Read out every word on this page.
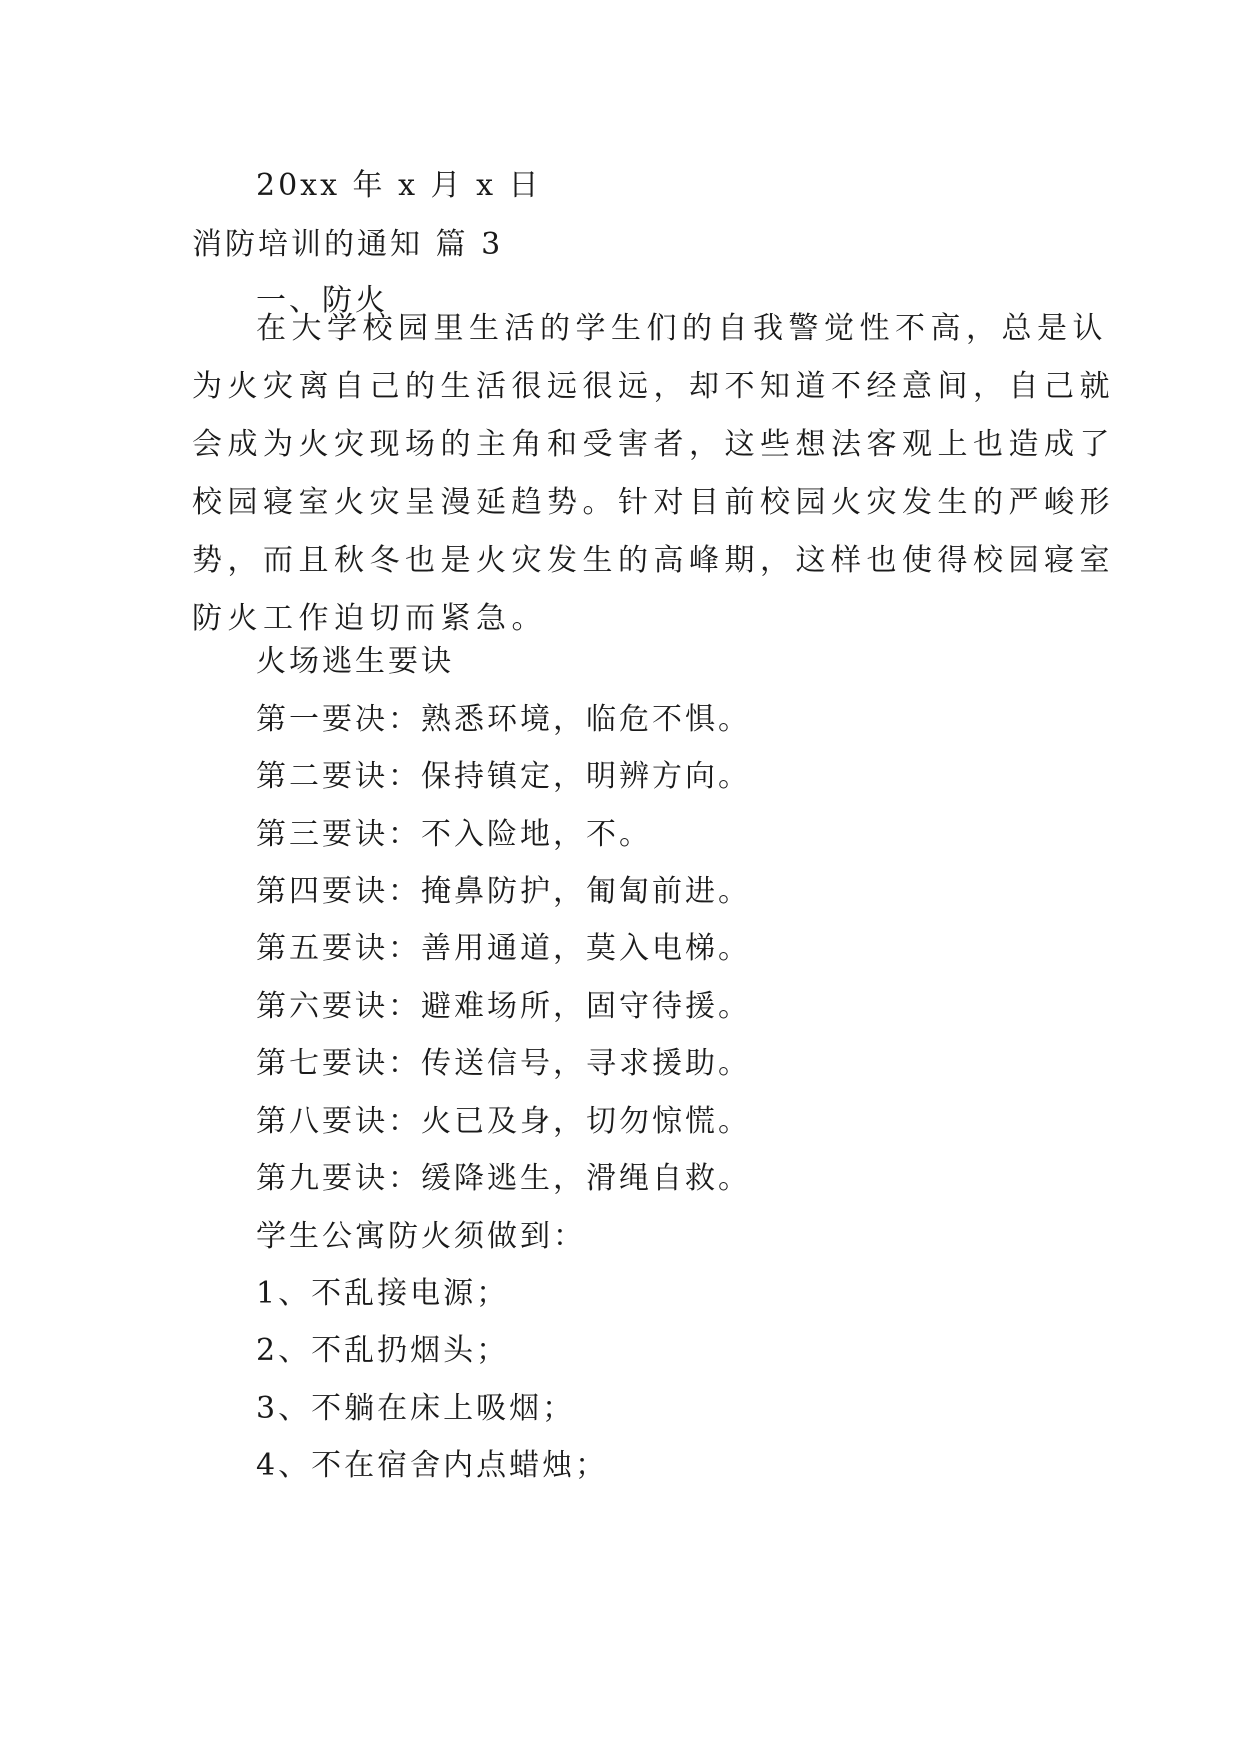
20xx 年 x 月 x 日
消防培训的通知 篇 3
一、防火
在大学校园里生活的学生们的自我警觉性不高，总是认
为火灾离自己的生活很远很远，却不知道不经意间，自己就
会成为火灾现场的主角和受害者，这些想法客观上也造成了
校园寝室火灾呈漫延趋势。针对目前校园火灾发生的严峻形
势，而且秋冬也是火灾发生的高峰期，这样也使得校园寝室
防火工作迫切而紧急。
火场逃生要诀
第一要决：熟悉环境，临危不惧。
第二要诀：保持镇定，明辨方向。
第三要诀：不入险地，不。
第四要诀：掩鼻防护，匍匐前进。
第五要诀：善用通道，莫入电梯。
第六要诀：避难场所，固守待援。
第七要诀：传送信号，寻求援助。
第八要诀：火已及身，切勿惊慌。
第九要诀：缓降逃生，滑绳自救。
学生公寓防火须做到：
1、不乱接电源；
2、不乱扔烟头；
3、不躺在床上吸烟；
4、不在宿舍内点蜡烛；
